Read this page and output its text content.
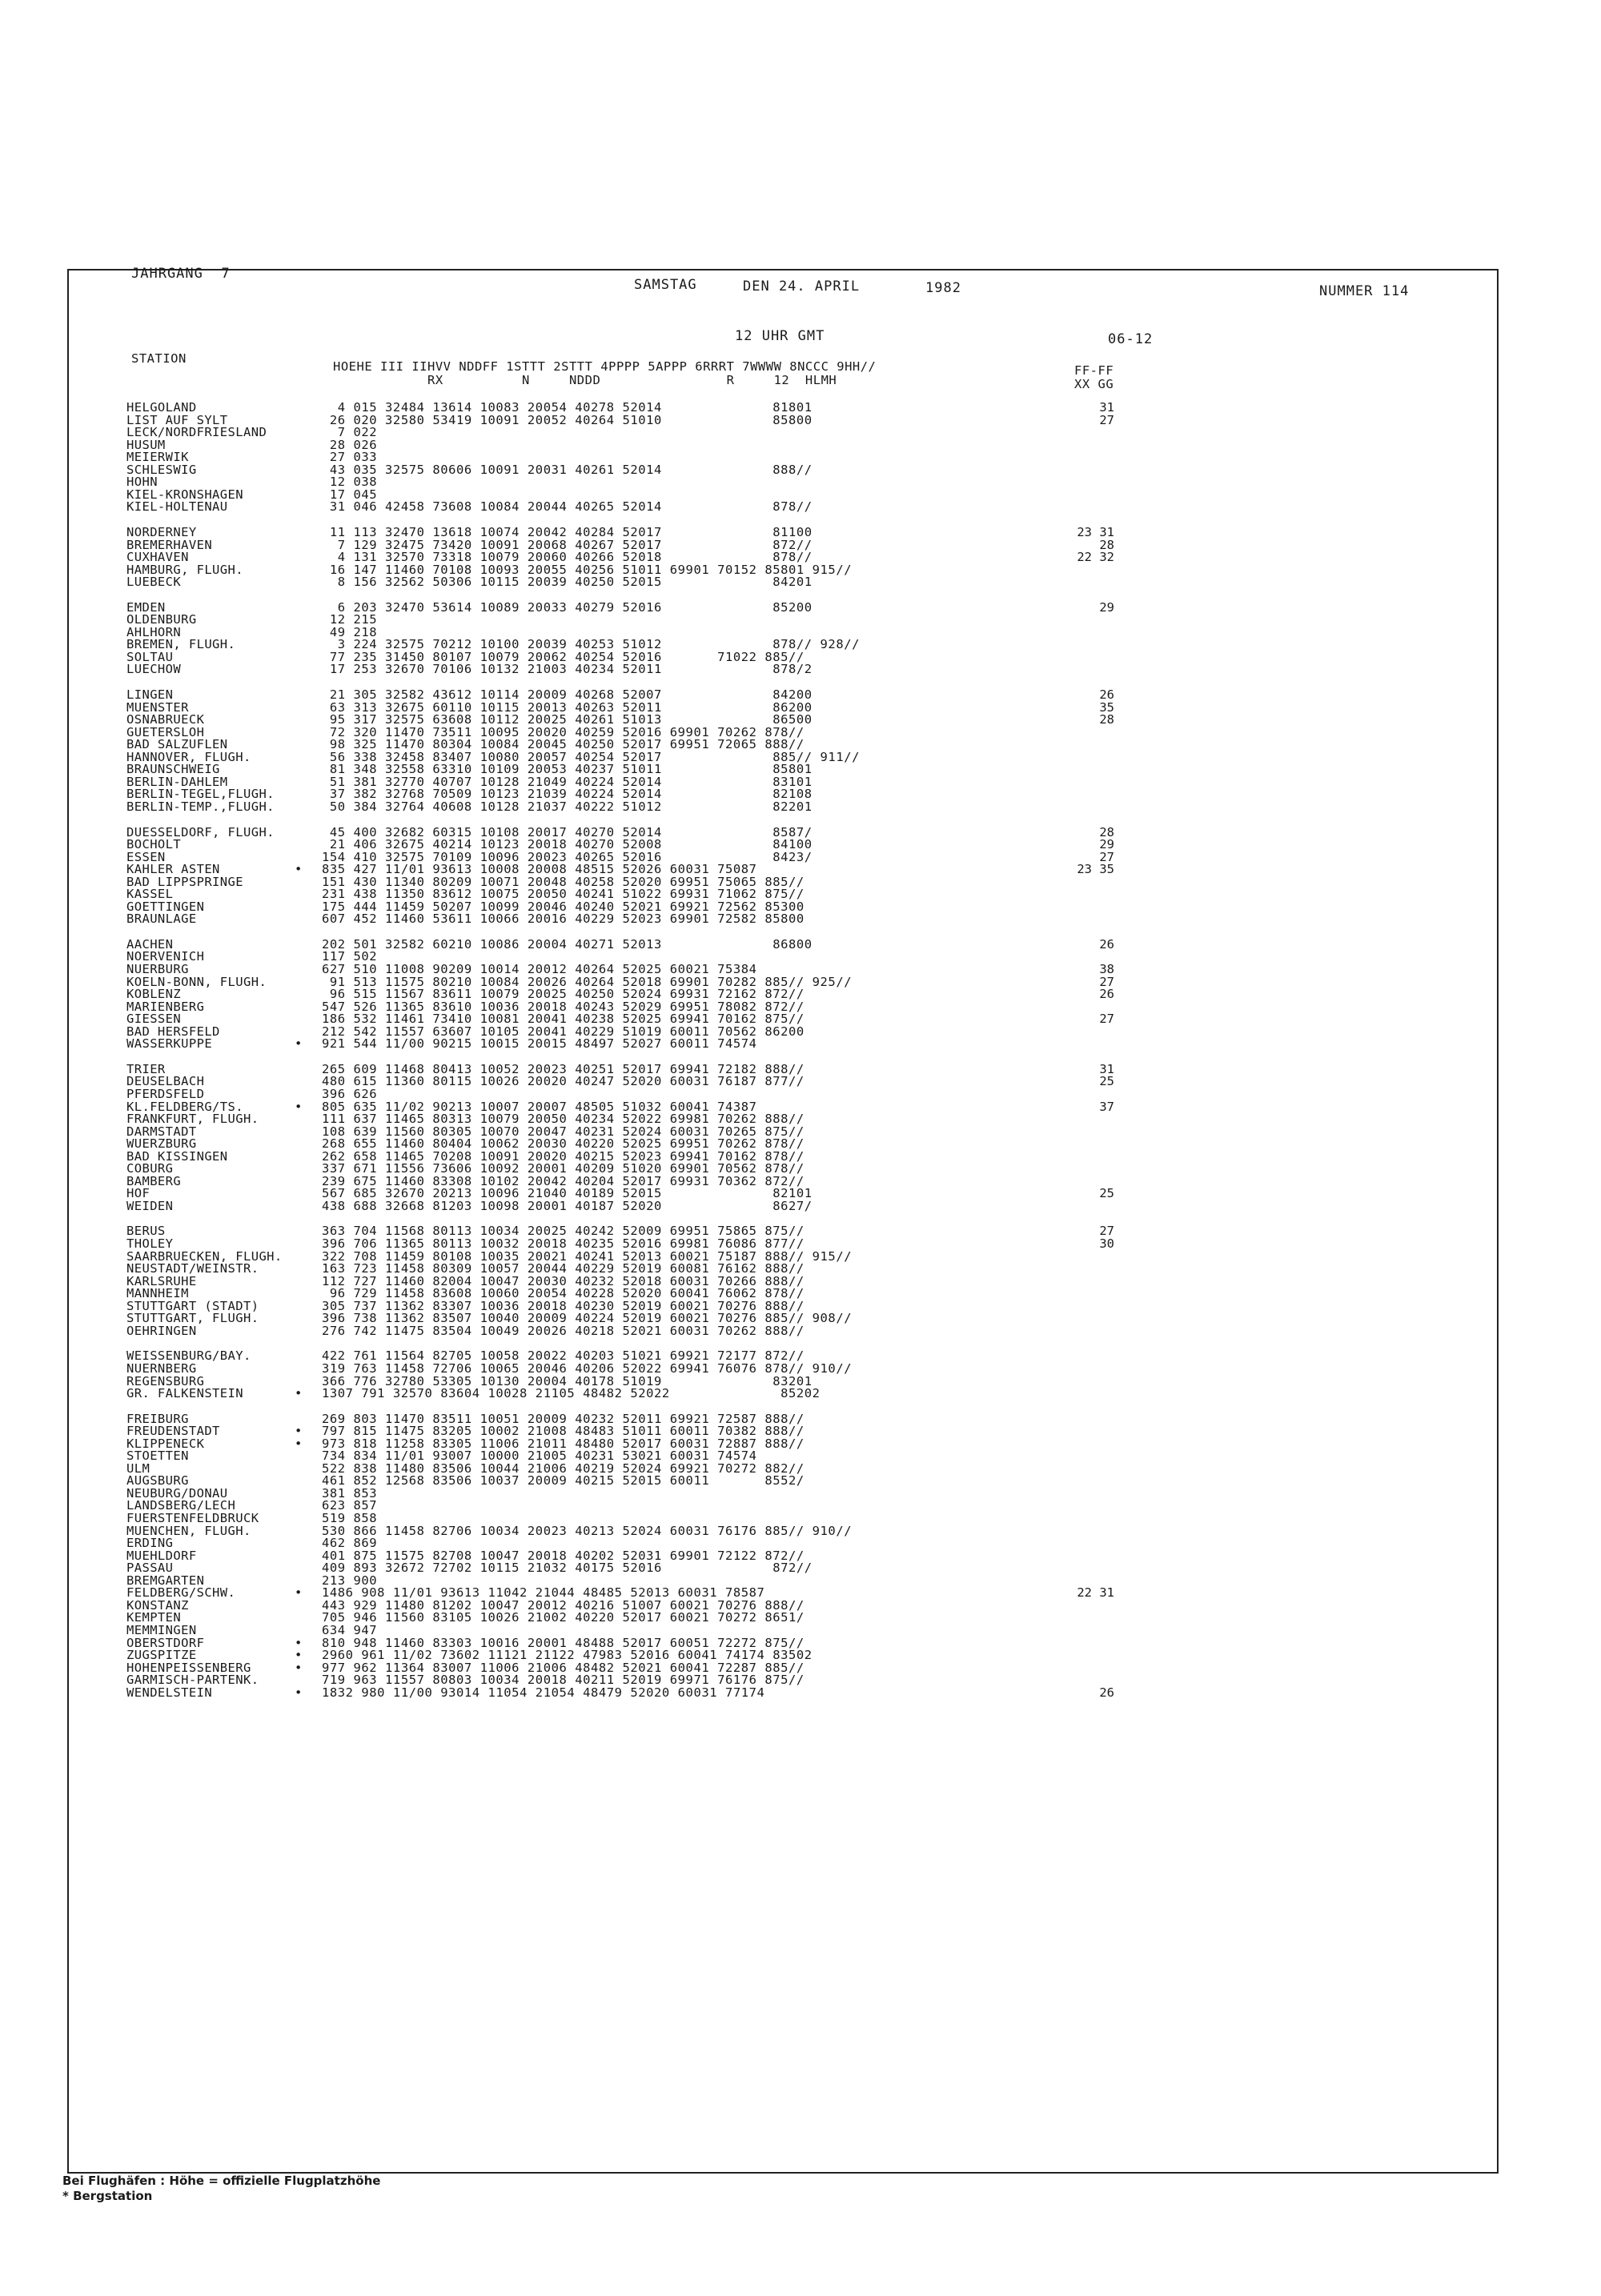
JAHRGANG  7
SAMSTAG	DEN 24. APRIL	1982	NUMMER 114
12 UHR GMT	06-12
STATION
HOEHE III IIHVV NDDFF 1STTT 2STTT 4PPPP 5APPP 6RRRT 7WWWW 8NCCC 9HH//
RX          N     NDDD                R     12  HLMH
FF-FF
XX GG
HELGOLAND	4 015 32484 13614 10083 20054 40278 52014              81801	31
LIST AUF SYLT	26 020 32580 53419 10091 20052 40264 51010              85800	27
LECK/NORDFRIESLAND	7 022
HUSUM	28 026
MEIERWIK	27 033
SCHLESWIG	43 035 32575 80606 10091 20031 40261 52014              888//
HOHN	12 038
KIEL-KRONSHAGEN	17 045
KIEL-HOLTENAU	31 046 42458 73608 10084 20044 40265 52014              878//
NORDERNEY	11 113 32470 13618 10074 20042 40284 52017              81100	23 31
BREMERHAVEN	7 129 32475 73420 10091 20068 40267 52017              872//	28
CUXHAVEN	4 131 32570 73318 10079 20060 40266 52018              878//	22 32
HAMBURG, FLUGH.	16 147 11460 70108 10093 20055 40256 51011 69901 70152 85801 915//
LUEBECK	8 156 32562 50306 10115 20039 40250 52015              84201
EMDEN	6 203 32470 53614 10089 20033 40279 52016              85200	29
OLDENBURG	12 215
AHLHORN	49 218
BREMEN, FLUGH.	3 224 32575 70212 10100 20039 40253 51012              878// 928//
SOLTAU	77 235 31450 80107 10079 20062 40254 52016       71022 885//
LUECHOW	17 253 32670 70106 10132 21003 40234 52011              878/2
LINGEN	21 305 32582 43612 10114 20009 40268 52007              84200	26
MUENSTER	63 313 32675 60110 10115 20013 40263 52011              86200	35
OSNABRUECK	95 317 32575 63608 10112 20025 40261 51013              86500	28
GUETERSLOH	72 320 11470 73511 10095 20020 40259 52016 69901 70262 878//
BAD SALZUFLEN	98 325 11470 80304 10084 20045 40250 52017 69951 72065 888//
HANNOVER, FLUGH.	56 338 32458 83407 10080 20057 40254 52017              885// 911//
BRAUNSCHWEIG	81 348 32558 63310 10109 20053 40237 51011              85801
BERLIN-DAHLEM	51 381 32770 40707 10128 21049 40224 52014              83101
BERLIN-TEGEL,FLUGH.	37 382 32768 70509 10123 21039 40224 52014              82108
BERLIN-TEMP.,FLUGH.	50 384 32764 40608 10128 21037 40222 51012              82201
DUESSELDORF, FLUGH.	45 400 32682 60315 10108 20017 40270 52014              8587/	28
BOCHOLT	21 406 32675 40214 10123 20018 40270 52008              84100	29
ESSEN	154 410 32575 70109 10096 20023 40265 52016              8423/	27
KAHLER ASTEN	• 835 427 11/01 93613 10008 20008 48515 52026 60031 75087	23 35
BAD LIPPSPRINGE	151 430 11340 80209 10071 20048 40258 52020 69951 75065 885//
KASSEL	231 438 11350 83612 10075 20050 40241 51022 69931 71062 875//
GOETTINGEN	175 444 11459 50207 10099 20046 40240 52021 69921 72562 85300
BRAUNLAGE	607 452 11460 53611 10066 20016 40229 52023 69901 72582 85800
AACHEN	202 501 32582 60210 10086 20004 40271 52013              86800	26
NOERVENICH	117 502
NUERBURG	627 510 11008 90209 10014 20012 40264 52025 60021 75384	38
KOELN-BONN, FLUGH.	91 513 11575 80210 10084 20026 40264 52018 69901 70282 885// 925//	27
KOBLENZ	96 515 11567 83611 10079 20025 40250 52024 69931 72162 872//	26
MARIENBERG	547 526 11365 83610 10036 20018 40243 52029 69951 78082 872//
GIESSEN	186 532 11461 73410 10081 20041 40238 52025 69941 70162 875//	27
BAD HERSFELD	212 542 11557 63607 10105 20041 40229 51019 60011 70562 86200
WASSERKUPPE	• 921 544 11/00 90215 10015 20015 48497 52027 60011 74574
TRIER	265 609 11468 80413 10052 20023 40251 52017 69941 72182 888//	31
DEUSELBACH	480 615 11360 80115 10026 20020 40247 52020 60031 76187 877//	25
PFERDSFELD	396 626
KL.FELDBERG/TS.	• 805 635 11/02 90213 10007 20007 48505 51032 60041 74387	37
FRANKFURT, FLUGH.	111 637 11465 80313 10079 20050 40234 52022 69981 70262 888//
DARMSTADT	108 639 11560 80305 10070 20047 40231 52024 60031 70265 875//
WUERZBURG	268 655 11460 80404 10062 20030 40220 52025 69951 70262 878//
BAD KISSINGEN	262 658 11465 70208 10091 20020 40215 52023 69941 70162 878//
COBURG	337 671 11556 73606 10092 20001 40209 51020 69901 70562 878//
BAMBERG	239 675 11460 83308 10102 20042 40204 52017 69931 70362 872//
HOF	567 685 32670 20213 10096 21040 40189 52015              82101	25
WEIDEN	438 688 32668 81203 10098 20001 40187 52020              8627/
BERUS	363 704 11568 80113 10034 20025 40242 52009 69951 75865 875//	27
THOLEY	396 706 11365 80113 10032 20018 40235 52016 69981 76086 877//	30
SAARBRUECKEN, FLUGH.	322 708 11459 80108 10035 20021 40241 52013 60021 75187 888// 915//
NEUSTADT/WEINSTR.	163 723 11458 80309 10057 20044 40229 52019 60081 76162 888//
KARLSRUHE	112 727 11460 82004 10047 20030 40232 52018 60031 70266 888//
MANNHEIM	96 729 11458 83608 10060 20054 40228 52020 60041 76062 878//
STUTTGART (STADT)	305 737 11362 83307 10036 20018 40230 52019 60021 70276 888//
STUTTGART, FLUGH.	396 738 11362 83507 10040 20009 40224 52019 60021 70276 885// 908//
OEHRINGEN	276 742 11475 83504 10049 20026 40218 52021 60031 70262 888//
WEISSENBURG/BAY.	422 761 11564 82705 10058 20022 40203 51021 69921 72177 872//
NUERNBERG	319 763 11458 72706 10065 20046 40206 52022 69941 76076 878// 910//
REGENSBURG	366 776 32780 53305 10130 20004 40178 51019              83201
GR. FALKENSTEIN	• 1307 791 32570 83604 10028 21105 48482 52022              85202
FREIBURG	269 803 11470 83511 10051 20009 40232 52011 69921 72587 888//
FREUDENSTADT	• 797 815 11475 83205 10002 21008 48483 51011 60011 70382 888//
KLIPPENECK	• 973 818 11258 83305 11006 21011 48480 52017 60031 72887 888//
STOETTEN	734 834 11/01 93007 10000 21005 40231 53021 60031 74574
ULM	522 838 11480 83506 10044 21006 40219 52024 69921 70272 882//
AUGSBURG	461 852 12568 83506 10037 20009 40215 52015 60011       8552/
NEUBURG/DONAU	381 853
LANDSBERG/LECH	623 857
FUERSTENFELDBRUCK	519 858
MUENCHEN, FLUGH.	530 866 11458 82706 10034 20023 40213 52024 60031 76176 885// 910//
ERDING	462 869
MUEHLDORF	401 875 11575 82708 10047 20018 40202 52031 69901 72122 872//
PASSAU	409 893 32672 72702 10115 21032 40175 52016              872//
BREMGARTEN	213 900
FELDBERG/SCHW.	• 1486 908 11/01 93613 11042 21044 48485 52013 60031 78587	22 31
KONSTANZ	443 929 11480 81202 10047 20012 40216 51007 60021 70276 888//
KEMPTEN	705 946 11560 83105 10026 21002 40220 52017 60021 70272 8651/
MEMMINGEN	634 947
OBERSTDORF	• 810 948 11460 83303 10016 20001 48488 52017 60051 72272 875//
ZUGSPITZE	• 2960 961 11/02 73602 11121 21122 47983 52016 60041 74174 83502
HOHENPEISSENBERG	• 977 962 11364 83007 11006 21006 48482 52021 60041 72287 885//
GARMISCH-PARTENK.	719 963 11557 80803 10034 20018 40211 52019 69971 76176 875//
WENDELSTEIN	• 1832 980 11/00 93014 11054 21054 48479 52020 60031 77174	26
Bei Flughäfen : Höhe = offizielle Flugplatzhöhe
* Bergstation
